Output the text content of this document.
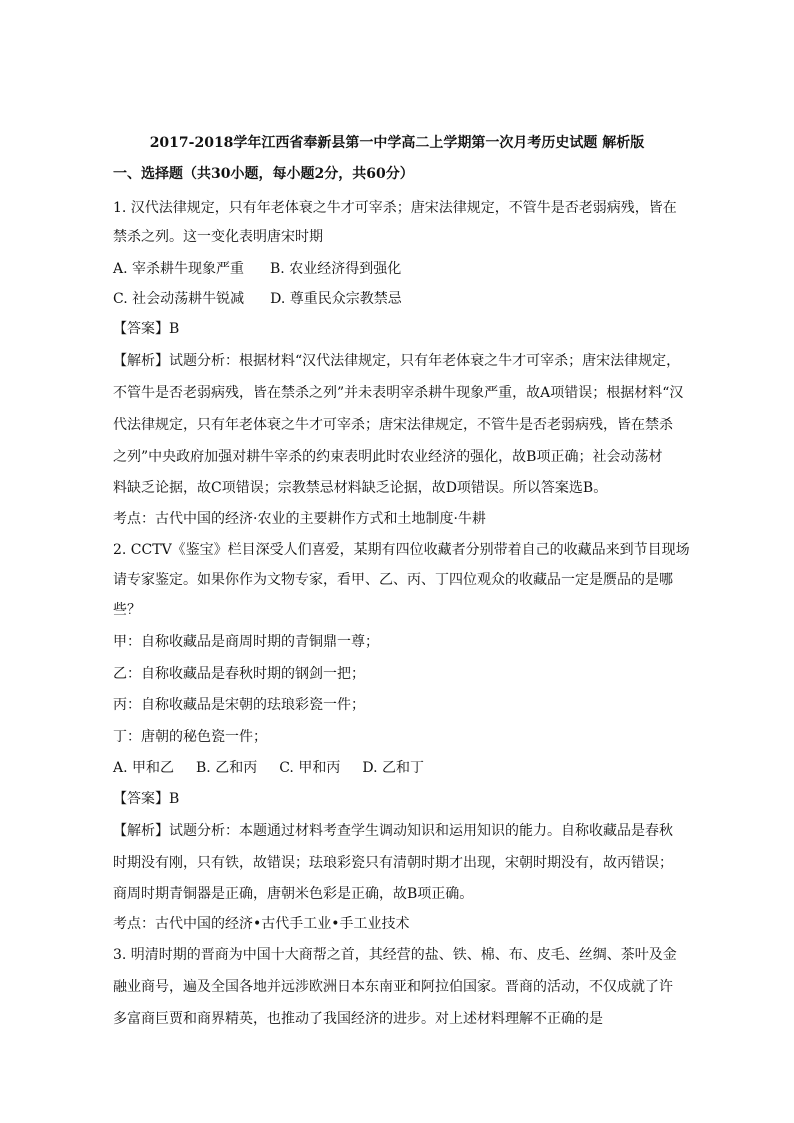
2017-2018学年江西省奉新县第一中学高二上学期第一次月考历史试题 解析版
一、选择题（共30小题，每小题2分，共60分）
1. 汉代法律规定，只有年老体衰之牛才可宰杀；唐宋法律规定，不管牛是否老弱病残，皆在
禁杀之列。这一变化表明唐宋时期
A. 宰杀耕牛现象严重 B. 农业经济得到强化
C. 社会动荡耕牛锐减 D. 尊重民众宗教禁忌
【答案】B
【解析】试题分析：根据材料“汉代法律规定，只有年老体衰之牛才可宰杀；唐宋法律规定，
不管牛是否老弱病残，皆在禁杀之列”并未表明宰杀耕牛现象严重，故A项错误；根据材料“汉
代法律规定，只有年老体衰之牛才可宰杀；唐宋法律规定，不管牛是否老弱病残，皆在禁杀
之列”中央政府加强对耕牛宰杀的约束表明此时农业经济的强化，故B项正确；社会动荡材
料缺乏论据，故C项错误；宗教禁忌材料缺乏论据，故D项错误。所以答案选B。
考点：古代中国的经济·农业的主要耕作方式和土地制度·牛耕
2. CCTV《鉴宝》栏目深受人们喜爱，某期有四位收藏者分别带着自己的收藏品来到节目现场
请专家鉴定。如果你作为文物专家，看甲、乙、丙、丁四位观众的收藏品一定是赝品的是哪
些？
甲：自称收藏品是商周时期的青铜鼎一尊；
乙：自称收藏品是春秋时期的钢剑一把；
丙：自称收藏品是宋朝的珐琅彩瓷一件；
丁：唐朝的秘色瓷一件；
A. 甲和乙 B. 乙和丙 C. 甲和丙 D. 乙和丁
【答案】B
【解析】试题分析：本题通过材料考查学生调动知识和运用知识的能力。自称收藏品是春秋
时期没有刚，只有铁，故错误；珐琅彩瓷只有清朝时期才出现，宋朝时期没有，故丙错误；
商周时期青铜器是正确，唐朝米色彩是正确，故B项正确。
考点：古代中国的经济•古代手工业•手工业技术
3. 明清时期的晋商为中国十大商帮之首，其经营的盐、铁、棉、布、皮毛、丝绸、茶叶及金
融业商号，遍及全国各地并远涉欧洲日本东南亚和阿拉伯国家。晋商的活动，不仅成就了许
多富商巨贾和商界精英，也推动了我国经济的进步。对上述材料理解不正确的是
